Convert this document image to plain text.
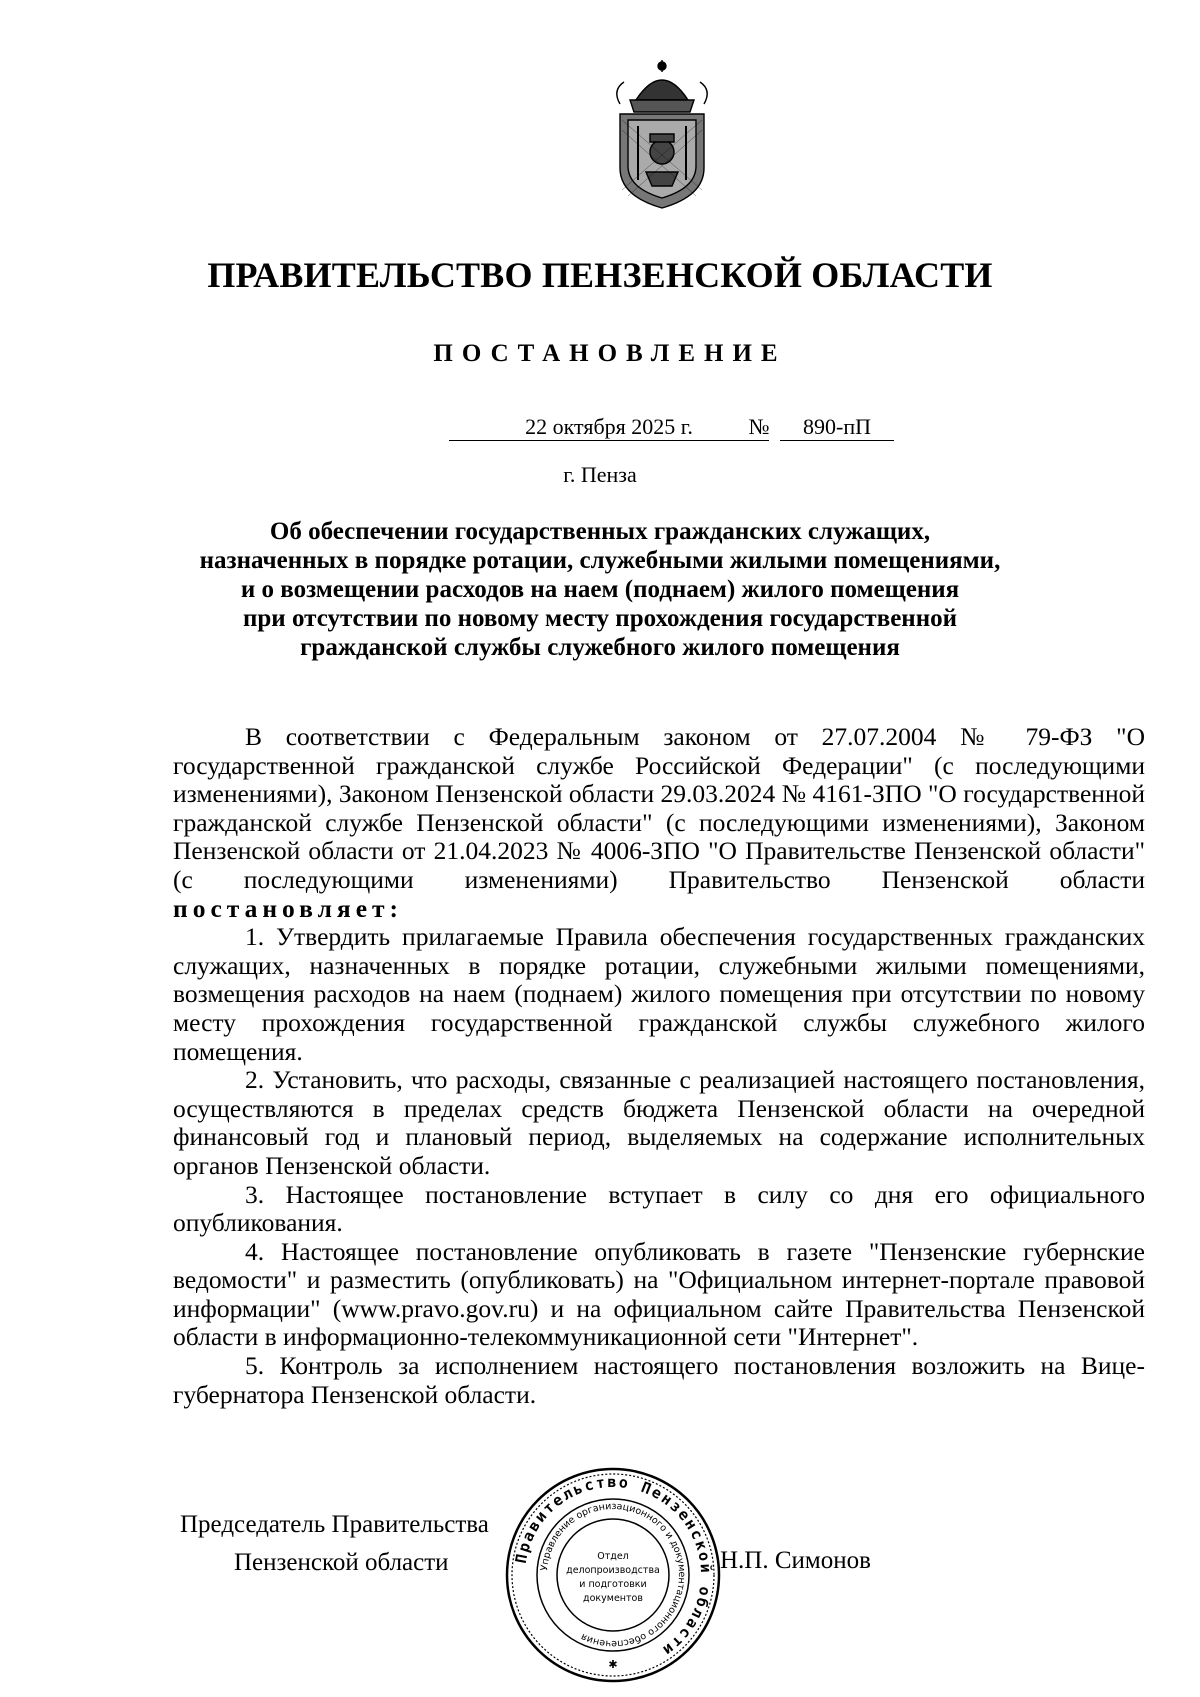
ПРАВИТЕЛЬСТВО ПЕНЗЕНСКОЙ ОБЛАСТИ
ПОСТАНОВЛЕНИЕ
22 октября 2025 г.	№	890-пП
г. Пенза
Об обеспечении государственных гражданских служащих,
назначенных в порядке ротации, служебными жилыми помещениями,
и о возмещении расходов на наем (поднаем) жилого помещения
при отсутствии по новому месту прохождения государственной
гражданской службы служебного жилого помещения

В соответствии с Федеральным законом от 27.07.2004 № 79-ФЗ "О государственной гражданской службе Российской Федерации" (с последующими изменениями), Законом Пензенской области 29.03.2024 № 4161-ЗПО "О государственной гражданской службе Пензенской области" (с последующими изменениями), Законом Пензенской области от 21.04.2023 № 4006-ЗПО "О Правительстве Пензенской области" (с последующими изменениями) Правительство Пензенской области постановляет:

1. Утвердить прилагаемые Правила обеспечения государственных гражданских служащих, назначенных в порядке ротации, служебными жилыми помещениями, возмещения расходов на наем (поднаем) жилого помещения при отсутствии по новому месту прохождения государственной гражданской службы служебного жилого помещения.

2. Установить, что расходы, связанные с реализацией настоящего постановления, осуществляются в пределах средств бюджета Пензенской области на очередной финансовый год и плановый период, выделяемых на содержание исполнительных органов Пензенской области.

3. Настоящее постановление вступает в силу со дня его официального опубликования.

4. Настоящее постановление опубликовать в газете "Пензенские губернские ведомости" и разместить (опубликовать) на "Официальном интернет-портале правовой информации" (www.pravo.gov.ru) и на официальном сайте Правительства Пензенской области в информационно-телекоммуникационной сети "Интернет".

5. Контроль за исполнением настоящего постановления возложить на Вице-губернатора Пензенской области.

Председатель Правительства
Пензенской области	Н.П. Симонов
Правительство Пензенской области
Управление организационного и документационного обеспечения
Отдел
делопроизводства
и подготовки
документов
✱
